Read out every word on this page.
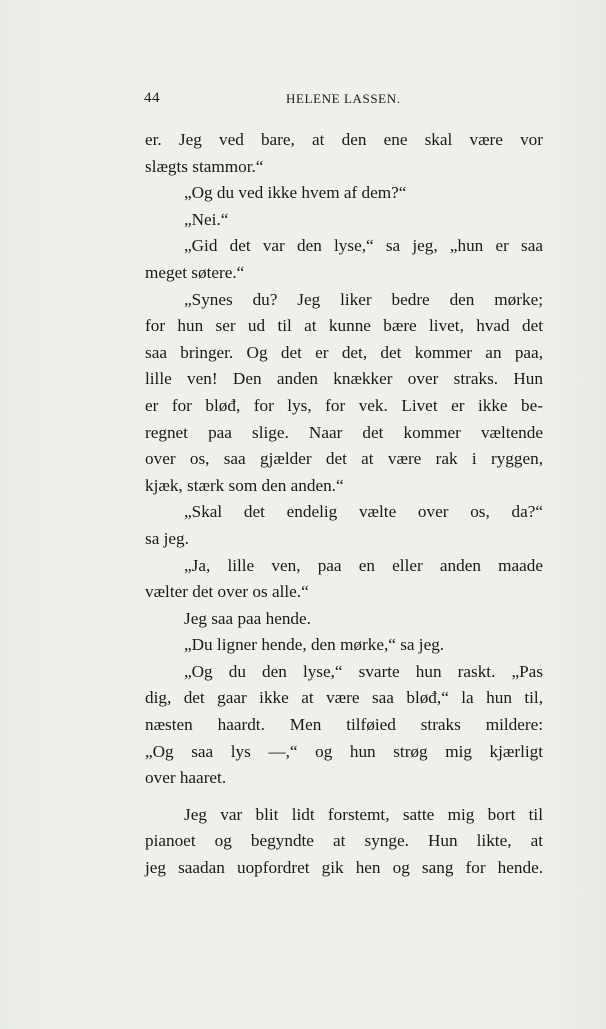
44	HELENE LASSEN.
er. Jeg ved bare, at den ene skal være vor
slægts stammor.“
„Og du ved ikke hvem af dem?“
„Nei.“
„Gid det var den lyse,“ sa jeg, „hun er saa
meget søtere.“
„Synes du? Jeg liker bedre den mørke;
for hun ser ud til at kunne bære livet, hvad det
saa bringer. Og det er det, det kommer an paa,
lille ven! Den anden knækker over straks. Hun
er for bløđ, for lys, for vek. Livet er ikke be-
regnet paa slige. Naar det kommer væltende
over os, saa gjælder det at være rak i ryggen,
kjæk, stærk som den anden.“
„Skal det endelig vælte over os, da?“
sa jeg.
„Ja, lille ven, paa en eller anden maade
vælter det over os alle.“
Jeg saa paa hende.
„Du ligner hende, den mørke,“ sa jeg.
„Og du den lyse,“ svarte hun raskt. „Pas
dig, det gaar ikke at være saa bløđ,“ la hun til,
næsten haardt. Men tilføied straks mildere:
„Og saa lys —,“ og hun strøg mig kjærligt
over haaret.
Jeg var blit lidt forstemt, satte mig bort til
pianoet og begyndte at synge. Hun likte, at
jeg saadan uopfordret gik hen og sang for hende.
